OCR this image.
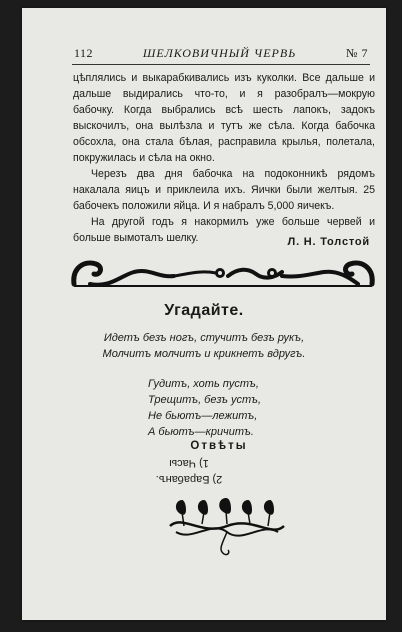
112	ШЕЛКОВИЧНЫЙ ЧЕРВЬ	№ 7

цѣплялись и выкарабкивались изъ куколки. Все дальше и дальше выдирались что-то, и я разобралъ—мокрую бабочку. Когда выбрались всѣ шесть лапокъ, задокъ выскочилъ, она вылѣзла и тутъ же сѣла. Когда бабочка обсохла, она стала бѣлая, расправила крылья, полетала, покружилась и сѣла на окно.

Черезъ два дня бабочка на подоконникѣ рядомъ накалала яицъ и приклеила ихъ. Яички были желтыя. 25 бабочекъ положили яйца. И я набралъ 5,000 яичекъ.

На другой годъ я накормилъ уже больше червей и больше вымоталъ шелку.	Л. Н. Толстой
Угадайте.
Идетъ безъ ногъ, стучитъ безъ рукъ,
Молчитъ молчитъ и крикнетъ вдругъ.
Гудитъ, хоть пустъ,
Трещитъ, безъ устъ,
Не бьютъ—лежитъ,
А бьютъ—кричитъ.
Отвѣты
2) Барабанъ.
1) Часы
